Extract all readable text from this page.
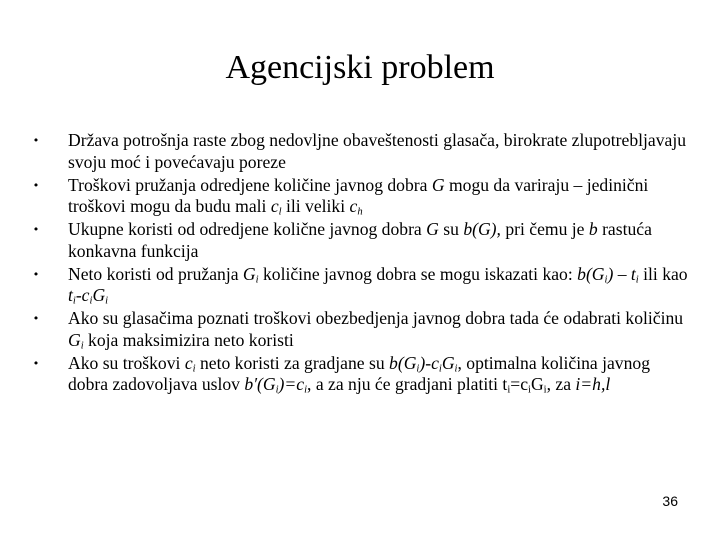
Agencijski problem
• Država potrošnja raste zbog nedovljne obaveštenosti glasača, birokrate zlupotrebljavaju svoju moć i povećavaju poreze
• Troškovi pružanja odredjene količine javnog dobra G mogu da variraju – jedinični troškovi mogu da budu mali $c_l$ ili veliki $c_h$
• Ukupne koristi od odredjene količne javnog dobra G su b(G), pri čemu je b rastuća konkavna funkcija
• Neto koristi od pružanja $G_i$ količine javnog dobra se mogu iskazati kao: $b(G_i) - t_i$ ili kao $t_i-c_iG_i$
• Ako su glasačima poznati troškovi obezbedjenja javnog dobra tada će odabrati količinu $G_i$ koja maksimizira neto koristi
• Ako su troškovi $c_i$ neto koristi za gradjane su $b(G_i)-c_iG_i$, optimalna količina javnog dobra zadovoljava uslov $b'(G_i)=c_i$, a za nju će gradjani platiti $t_i=c_iG_i$, za i=h,l
36
